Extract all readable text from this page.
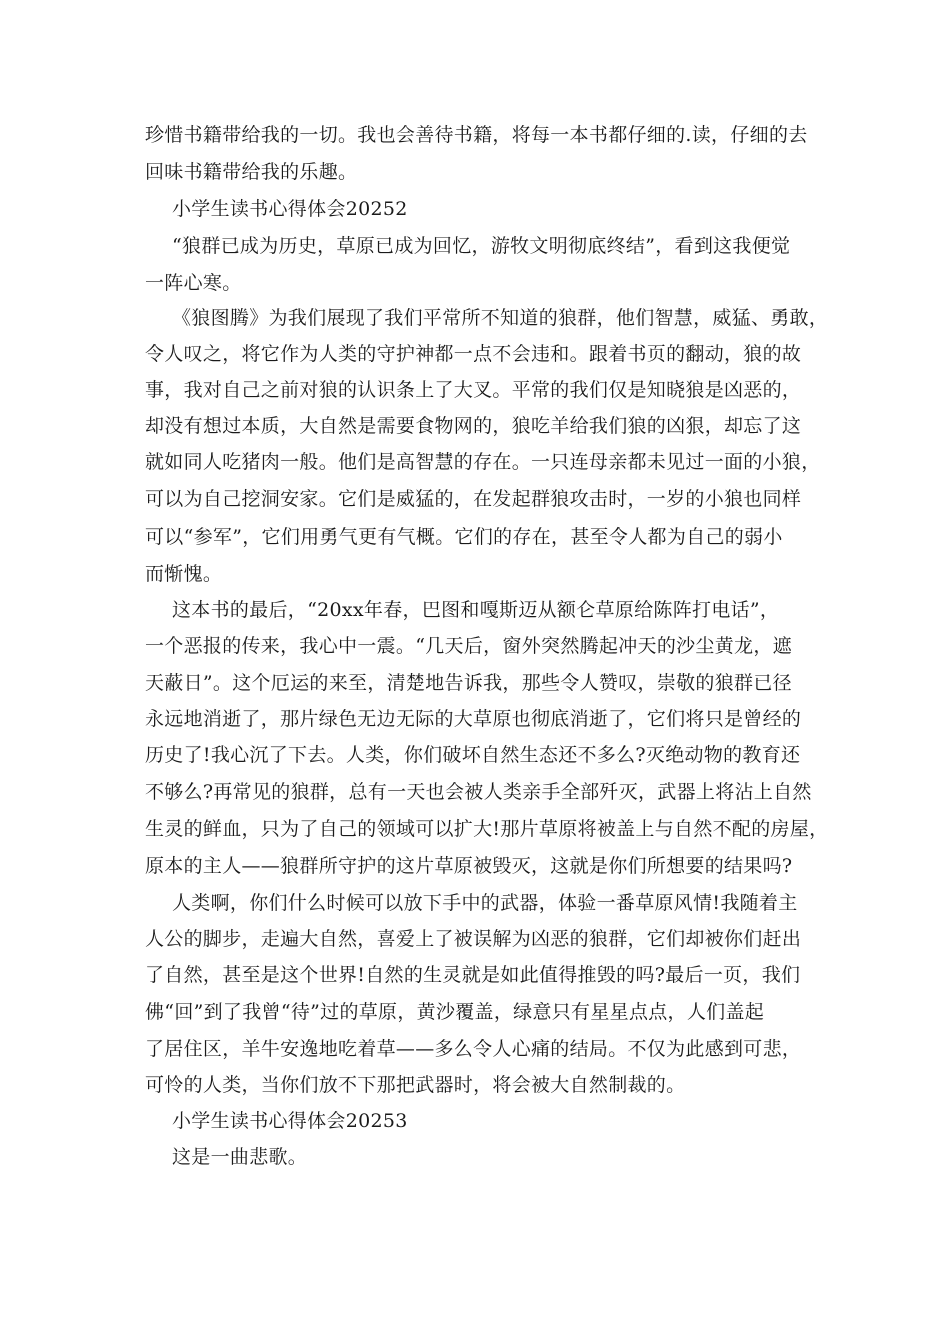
珍惜书籍带给我的一切。我也会善待书籍，将每一本书都仔细的.读，仔细的去
回味书籍带给我的乐趣。
小学生读书心得体会20252
“狼群已成为历史，草原已成为回忆，游牧文明彻底终结”，看到这我便觉
一阵心寒。
《狼图腾》为我们展现了我们平常所不知道的狼群，他们智慧，威猛、勇敢，
令人叹之，将它作为人类的守护神都一点不会违和。跟着书页的翻动，狼的故
事，我对自己之前对狼的认识条上了大叉。平常的我们仅是知晓狼是凶恶的，
却没有想过本质，大自然是需要食物网的，狼吃羊给我们狼的凶狠，却忘了这
就如同人吃猪肉一般。他们是高智慧的存在。一只连母亲都未见过一面的小狼，
可以为自己挖洞安家。它们是威猛的，在发起群狼攻击时，一岁的小狼也同样
可以“参军”，它们用勇气更有气概。它们的存在，甚至令人都为自己的弱小
而惭愧。
这本书的最后，“20xx年春，巴图和嘎斯迈从额仑草原给陈阵打电话”，
一个恶报的传来，我心中一震。“几天后，窗外突然腾起冲天的沙尘黄龙，遮
天蔽日”。这个厄运的来至，清楚地告诉我，那些令人赞叹，崇敬的狼群已径
永远地消逝了，那片绿色无边无际的大草原也彻底消逝了，它们将只是曾经的
历史了!我心沉了下去。人类，你们破坏自然生态还不多么?灭绝动物的教育还
不够么?再常见的狼群，总有一天也会被人类亲手全部歼灭，武器上将沾上自然
生灵的鲜血，只为了自己的领域可以扩大!那片草原将被盖上与自然不配的房屋，
原本的主人——狼群所守护的这片草原被毁灭，这就是你们所想要的结果吗?
人类啊，你们什么时候可以放下手中的武器，体验一番草原风情!我随着主
人公的脚步，走遍大自然，喜爱上了被误解为凶恶的狼群，它们却被你们赶出
了自然，甚至是这个世界!自然的生灵就是如此值得推毁的吗?最后一页，我们
佛“回”到了我曾“待”过的草原，黄沙覆盖，绿意只有星星点点，人们盖起
了居住区，羊牛安逸地吃着草——多么令人心痛的结局。不仅为此感到可悲，
可怜的人类，当你们放不下那把武器时，将会被大自然制裁的。
小学生读书心得体会20253
这是一曲悲歌。
